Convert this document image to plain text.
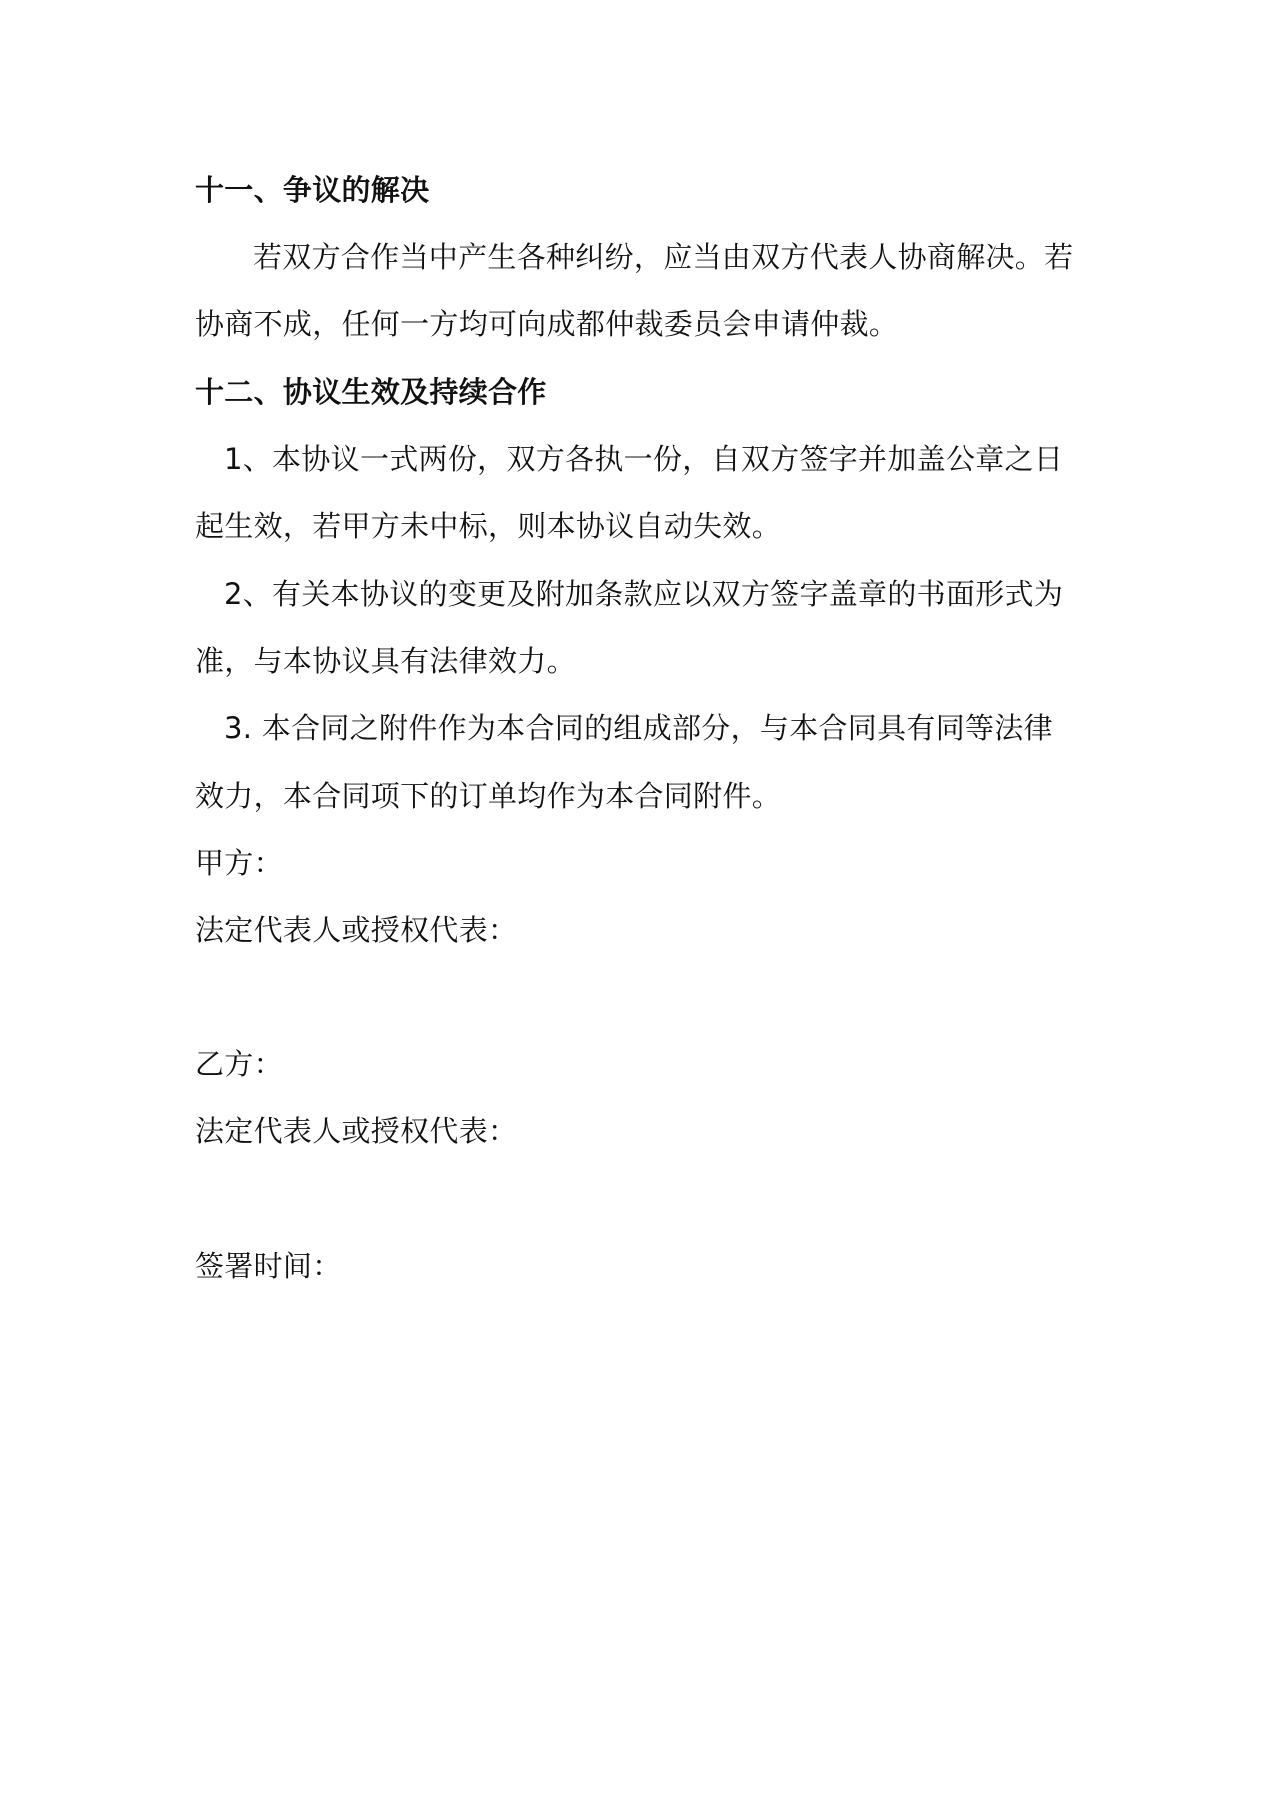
十一、争议的解决
若双方合作当中产生各种纠纷，应当由双方代表人协商解决。若
协商不成，任何一方均可向成都仲裁委员会申请仲裁。
十二、协议生效及持续合作
1、本协议一式两份，双方各执一份，自双方签字并加盖公章之日
起生效，若甲方未中标，则本协议自动失效。
2、有关本协议的变更及附加条款应以双方签字盖章的书面形式为
准，与本协议具有法律效力。
3. 本合同之附件作为本合同的组成部分，与本合同具有同等法律
效力，本合同项下的订单均作为本合同附件。
甲方：
法定代表人或授权代表：
乙方：
法定代表人或授权代表：
签署时间：
